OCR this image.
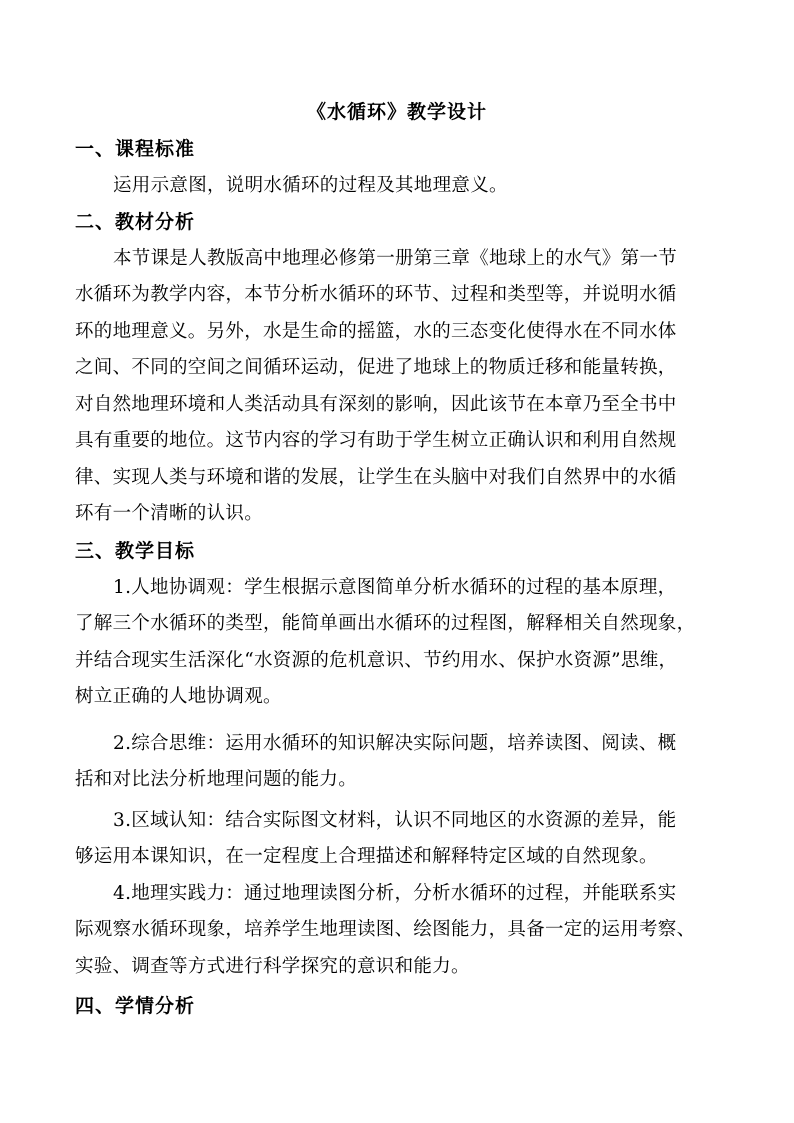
《水循环》教学设计
一、课程标准
运用示意图，说明水循环的过程及其地理意义。
二、教材分析
本节课是人教版高中地理必修第一册第三章《地球上的水气》第一节
水循环为教学内容，本节分析水循环的环节、过程和类型等，并说明水循
环的地理意义。另外，水是生命的摇篮，水的三态变化使得水在不同水体
之间、不同的空间之间循环运动，促进了地球上的物质迁移和能量转换，
对自然地理环境和人类活动具有深刻的影响，因此该节在本章乃至全书中
具有重要的地位。这节内容的学习有助于学生树立正确认识和利用自然规
律、实现人类与环境和谐的发展，让学生在头脑中对我们自然界中的水循
环有一个清晰的认识。
三、教学目标
1.人地协调观：学生根据示意图简单分析水循环的过程的基本原理，
了解三个水循环的类型，能简单画出水循环的过程图，解释相关自然现象，
并结合现实生活深化“水资源的危机意识、节约用水、保护水资源”思维，
树立正确的人地协调观。
2.综合思维：运用水循环的知识解决实际问题，培养读图、阅读、概
括和对比法分析地理问题的能力。
3.区域认知：结合实际图文材料，认识不同地区的水资源的差异，能
够运用本课知识，在一定程度上合理描述和解释特定区域的自然现象。
4.地理实践力：通过地理读图分析，分析水循环的过程，并能联系实
际观察水循环现象，培养学生地理读图、绘图能力，具备一定的运用考察、
实验、调查等方式进行科学探究的意识和能力。
四、学情分析
